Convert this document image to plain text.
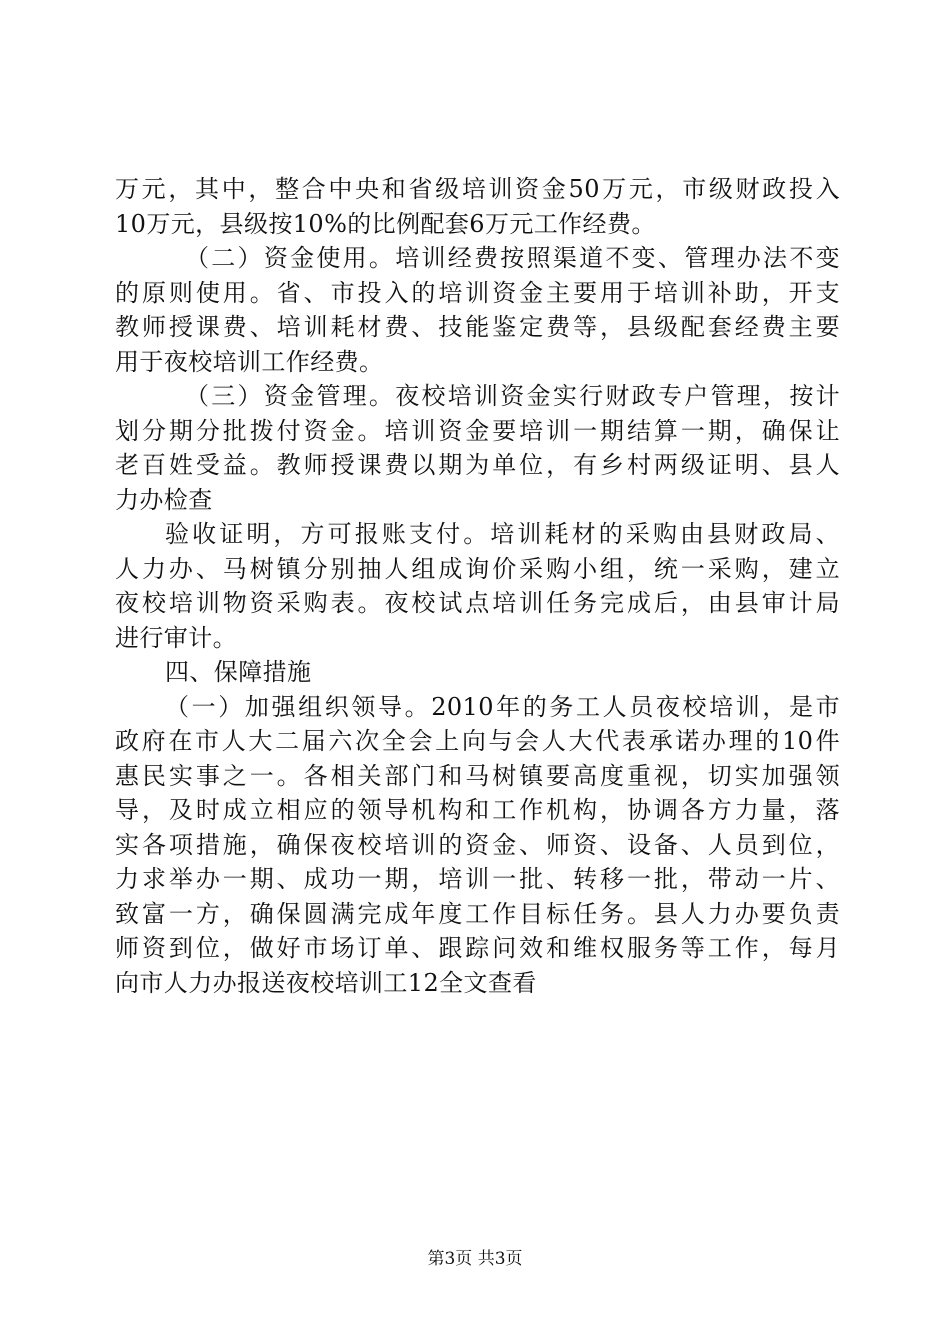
万元，其中，整合中央和省级培训资金50万元，市级财政投入
10万元，县级按10%的比例配套6万元工作经费。
（二）资金使用。培训经费按照渠道不变、管理办法不变
的原则使用。省、市投入的培训资金主要用于培训补助，开支
教师授课费、培训耗材费、技能鉴定费等，县级配套经费主要
用于夜校培训工作经费。
（三）资金管理。夜校培训资金实行财政专户管理，按计
划分期分批拨付资金。培训资金要培训一期结算一期，确保让
老百姓受益。教师授课费以期为单位，有乡村两级证明、县人
力办检查
验收证明，方可报账支付。培训耗材的采购由县财政局、
人力办、马树镇分别抽人组成询价采购小组，统一采购，建立
夜校培训物资采购表。夜校试点培训任务完成后，由县审计局
进行审计。
四、保障措施
（一）加强组织领导。2010年的务工人员夜校培训，是市
政府在市人大二届六次全会上向与会人大代表承诺办理的10件
惠民实事之一。各相关部门和马树镇要高度重视，切实加强领
导，及时成立相应的领导机构和工作机构，协调各方力量，落
实各项措施，确保夜校培训的资金、师资、设备、人员到位，
力求举办一期、成功一期，培训一批、转移一批，带动一片、
致富一方，确保圆满完成年度工作目标任务。县人力办要负责
师资到位，做好市场订单、跟踪问效和维权服务等工作，每月
向市人力办报送夜校培训工12全文查看
第3页 共3页
